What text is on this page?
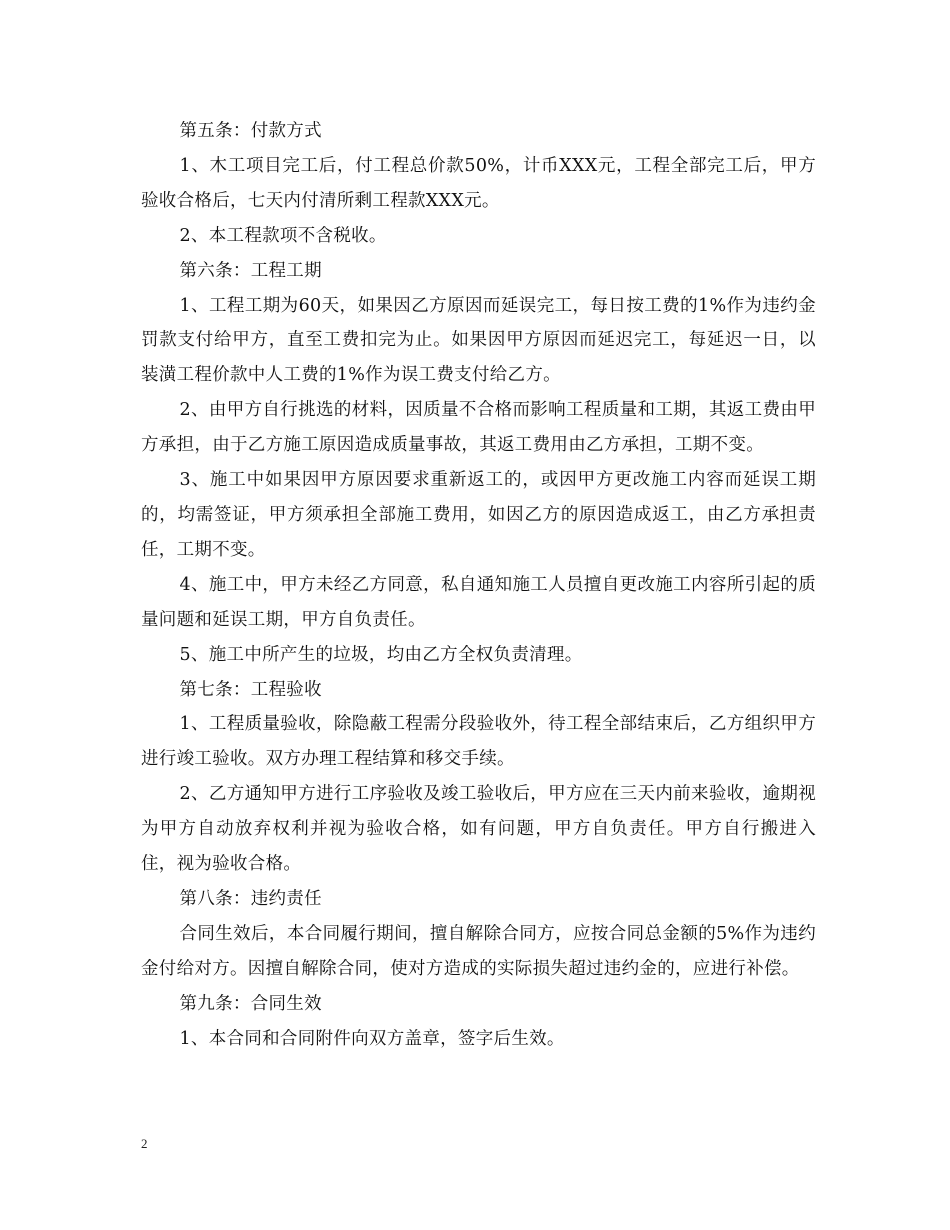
第五条：付款方式

1、木工项目完工后，付工程总价款50%，计币XXX元，工程全部完工后，甲方验收合格后，七天内付清所剩工程款XXX元。

2、本工程款项不含税收。

第六条：工程工期

1、工程工期为60天，如果因乙方原因而延误完工，每日按工费的1%作为违约金罚款支付给甲方，直至工费扣完为止。如果因甲方原因而延迟完工，每延迟一日，以装潢工程价款中人工费的1%作为误工费支付给乙方。

2、由甲方自行挑选的材料，因质量不合格而影响工程质量和工期，其返工费由甲方承担，由于乙方施工原因造成质量事故，其返工费用由乙方承担，工期不变。

3、施工中如果因甲方原因要求重新返工的，或因甲方更改施工内容而延误工期的，均需签证，甲方须承担全部施工费用，如因乙方的原因造成返工，由乙方承担责任，工期不变。

4、施工中，甲方未经乙方同意，私自通知施工人员擅自更改施工内容所引起的质量问题和延误工期，甲方自负责任。

5、施工中所产生的垃圾，均由乙方全权负责清理。

第七条：工程验收

1、工程质量验收，除隐蔽工程需分段验收外，待工程全部结束后，乙方组织甲方进行竣工验收。双方办理工程结算和移交手续。

2、乙方通知甲方进行工序验收及竣工验收后，甲方应在三天内前来验收，逾期视为甲方自动放弃权利并视为验收合格，如有问题，甲方自负责任。甲方自行搬进入住，视为验收合格。

第八条：违约责任

合同生效后，本合同履行期间，擅自解除合同方，应按合同总金额的5%作为违约金付给对方。因擅自解除合同，使对方造成的实际损失超过违约金的，应进行补偿。

第九条：合同生效

1、本合同和合同附件向双方盖章，签字后生效。

2
